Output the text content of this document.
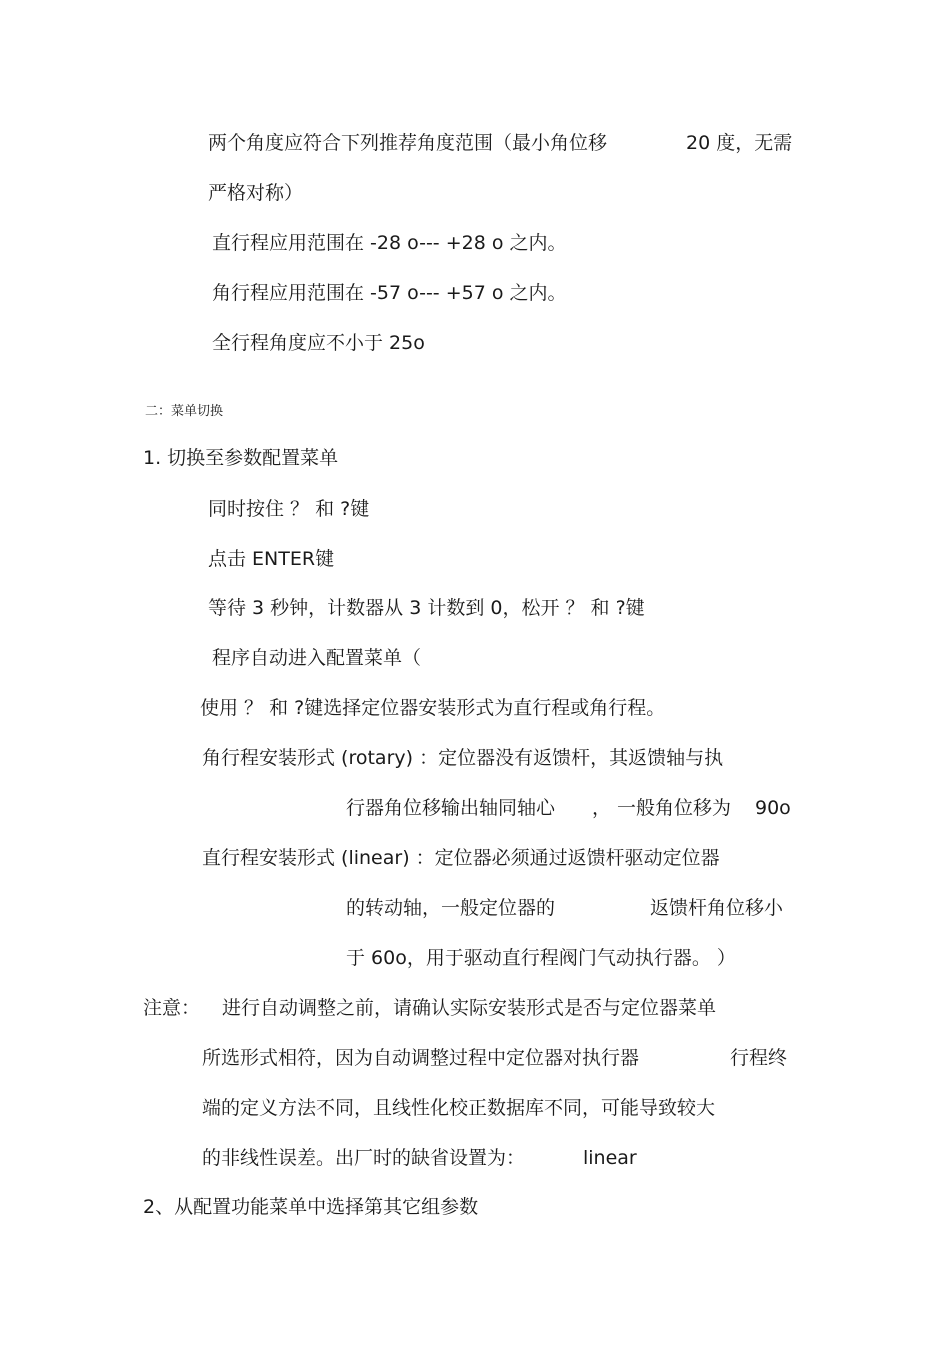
两个角度应符合下列推荐角度范围（最小角位移	20 度，无需
严格对称）
直行程应用范围在 -28 o--- +28 o 之内。
角行程应用范围在 -57 o--- +57 o 之内。
全行程角度应不小于 25o
二：菜单切换
1. 切换至参数配置菜单
同时按住 ？ 和 ?键
点击 ENTER键
等待 3 秒钟，计数器从 3 计数到 0，松开 ？ 和 ?键
程序自动进入配置菜单（
使用 ？ 和 ?键选择定位器安装形式为直行程或角行程。
角行程安装形式 (rotary) ：定位器没有返馈杆，其返馈轴与执
行器角位移输出轴同轴心 ， 一般角位移为 90o
直行程安装形式 (linear) ：定位器必须通过返馈杆驱动定位器
的转动轴，一般定位器的	返馈杆角位移小
于 60o，用于驱动直行程阀门气动执行器。 ）
注意： 进行自动调整之前，请确认实际安装形式是否与定位器菜单
所选形式相符，因为自动调整过程中定位器对执行器	行程终
端的定义方法不同，且线性化校正数据库不同，可能导致较大
的非线性误差。出厂时的缺省设置为：	linear
2、从配置功能菜单中选择第其它组参数
